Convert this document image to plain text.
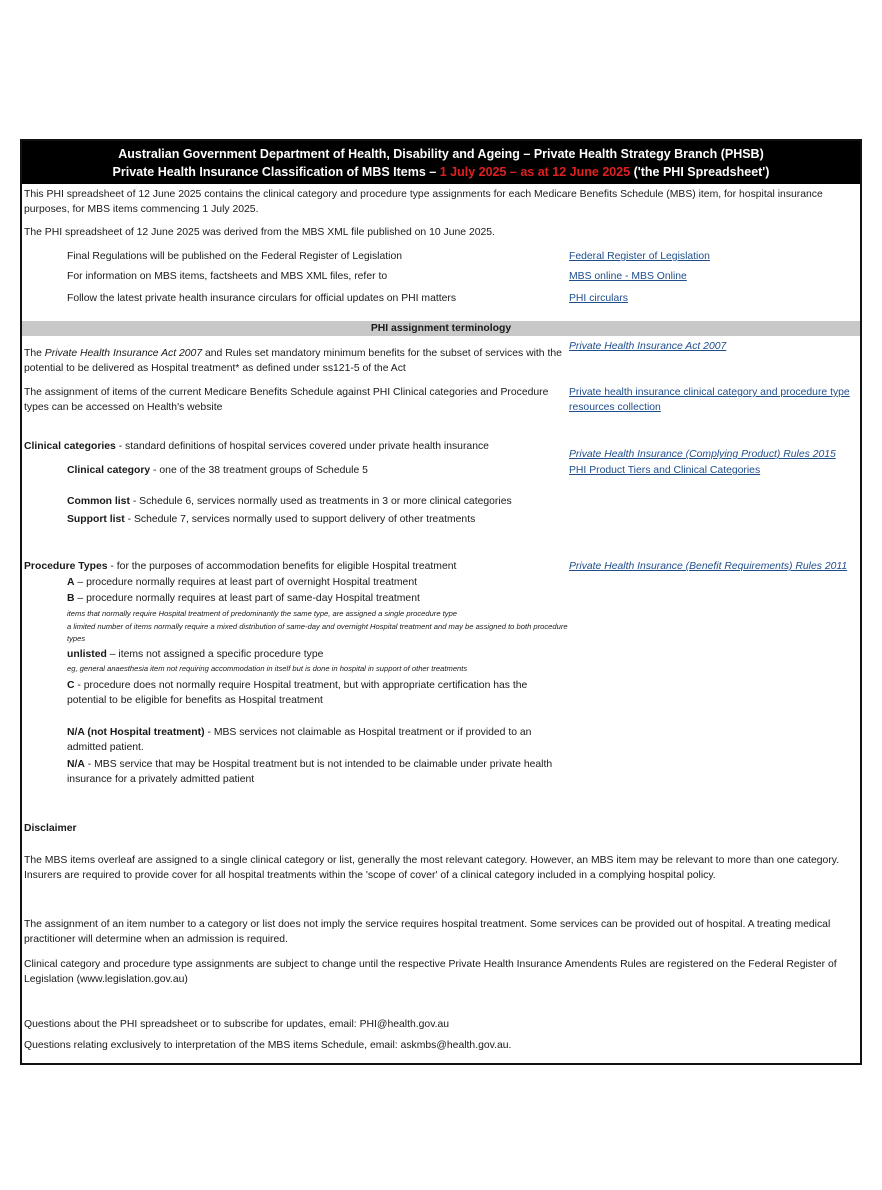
Australian Government Department of Health, Disability and Ageing – Private Health Strategy Branch (PHSB)
Private Health Insurance Classification of MBS Items – 1 July 2025 – as at 12 June 2025 ('the PHI Spreadsheet')
This PHI spreadsheet of 12 June 2025 contains the clinical category and procedure type assignments for each Medicare Benefits Schedule (MBS) item, for hospital insurance purposes, for MBS items commencing 1 July 2025.
The PHI spreadsheet of 12 June 2025 was derived from the MBS XML file published on 10 June 2025.
Final Regulations will be published on the Federal Register of Legislation	Federal Register of Legislation
For information on MBS items, factsheets and MBS XML files, refer to	MBS online - MBS Online
Follow the latest private health insurance circulars for official updates on PHI matters	PHI circulars
PHI assignment terminology
The Private Health Insurance Act 2007 and Rules set mandatory minimum benefits for the subset of services with the potential to be delivered as Hospital treatment* as defined under ss121-5 of the Act
Private Health Insurance Act 2007
The assignment of items of the current Medicare Benefits Schedule against PHI Clinical categories and Procedure types can be accessed on Health's website
Private health insurance clinical category and procedure type resources collection
Clinical categories - standard definitions of hospital services covered under private health insurance
Private Health Insurance (Complying Product) Rules 2015
Clinical category - one of the 38 treatment groups of Schedule 5	PHI Product Tiers and Clinical Categories
Common list - Schedule 6, services normally used as treatments in 3 or more clinical categories
Support list - Schedule 7, services normally used to support delivery of other treatments
Procedure Types - for the purposes of accommodation benefits for eligible Hospital treatment	Private Health Insurance (Benefit Requirements) Rules 2011
A – procedure normally requires at least part of overnight Hospital treatment
B – procedure normally requires at least part of same-day Hospital treatment
items that normally require Hospital treatment of predominantly the same type, are assigned a single procedure type
a limited number of items normally require a mixed distribution of same-day and overnight Hospital treatment and may be assigned to both procedure types
unlisted – items not assigned a specific procedure type
eg, general anaesthesia item not requiring accommodation in itself but is done in hospital in support of other treatments
C - procedure does not normally require Hospital treatment, but with appropriate certification has the potential to be eligible for benefits as Hospital treatment
N/A (not Hospital treatment) - MBS services not claimable as Hospital treatment or if provided to an admitted patient.
N/A - MBS service that may be Hospital treatment but is not intended to be claimable under private health insurance for a privately admitted patient
Disclaimer
The MBS items overleaf are assigned to a single clinical category or list, generally the most relevant category. However, an MBS item may be relevant to more than one category. Insurers are required to provide cover for all hospital treatments within the 'scope of cover' of a clinical category included in a complying hospital policy.
The assignment of an item number to a category or list does not imply the service requires hospital treatment. Some services can be provided out of hospital. A treating medical practitioner will determine when an admission is required.
Clinical category and procedure type assignments are subject to change until the respective Private Health Insurance Amendents Rules are registered on the Federal Register of Legislation (www.legislation.gov.au)
Questions about the PHI spreadsheet or to subscribe for updates, email: PHI@health.gov.au
Questions relating exclusively to interpretation of the MBS items Schedule, email: askmbs@health.gov.au.
